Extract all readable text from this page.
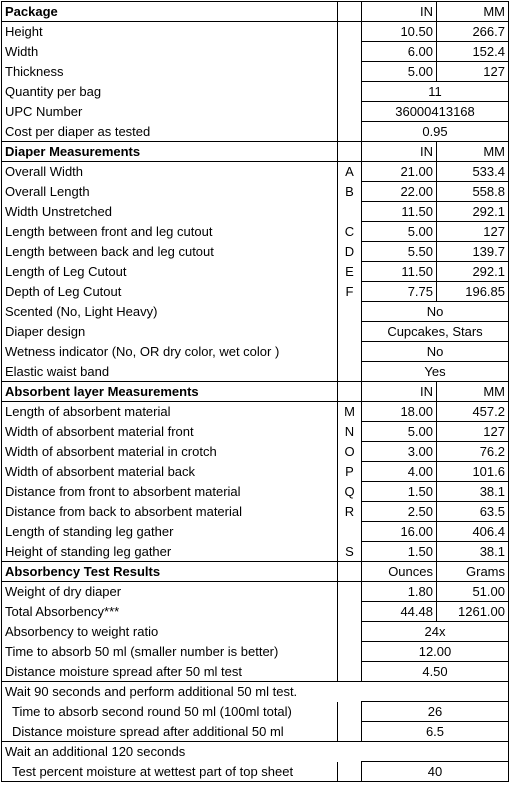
Package		IN	MM
Height		10.50	266.7
Width		6.00	152.4
Thickness		5.00	127
Quantity per bag		11	
UPC Number		36000413168	
Cost per diaper as tested		0.95	
Diaper Measurements		IN	MM
Overall Width	A	21.00	533.4
Overall Length	B	22.00	558.8
Width Unstretched		11.50	292.1
Length between front and leg cutout	C	5.00	127
Length between back and leg cutout	D	5.50	139.7
Length of Leg Cutout	E	11.50	292.1
Depth of Leg Cutout	F	7.75	196.85
Scented (No, Light Heavy)		No	
Diaper design		Cupcakes, Stars	
Wetness indicator (No, OR dry color, wet color )		No	
Elastic waist band		Yes	
Absorbent layer Measurements		IN	MM
Length of absorbent material	M	18.00	457.2
Width of absorbent material front	N	5.00	127
Width of absorbent material in crotch	O	3.00	76.2
Width of absorbent material back	P	4.00	101.6
Distance from front to absorbent material	Q	1.50	38.1
Distance from back to absorbent material	R	2.50	63.5
Length of standing leg gather		16.00	406.4
Height of standing leg gather	S	1.50	38.1
Absorbency Test Results		Ounces	Grams
Weight of dry diaper		1.80	51.00
Total Absorbency***		44.48	1261.00
Absorbency to weight ratio		24x	
Time to absorb 50 ml (smaller number is better)		12.00	
Distance moisture spread after 50 ml test		4.50	
Wait 90 seconds and perform additional 50 ml test.			
Time to absorb second round 50 ml (100ml total)		26	
Distance moisture spread after additional 50 ml		6.5	
Wait an additional 120 seconds			
Test percent moisture at wettest part of top sheet		40	
